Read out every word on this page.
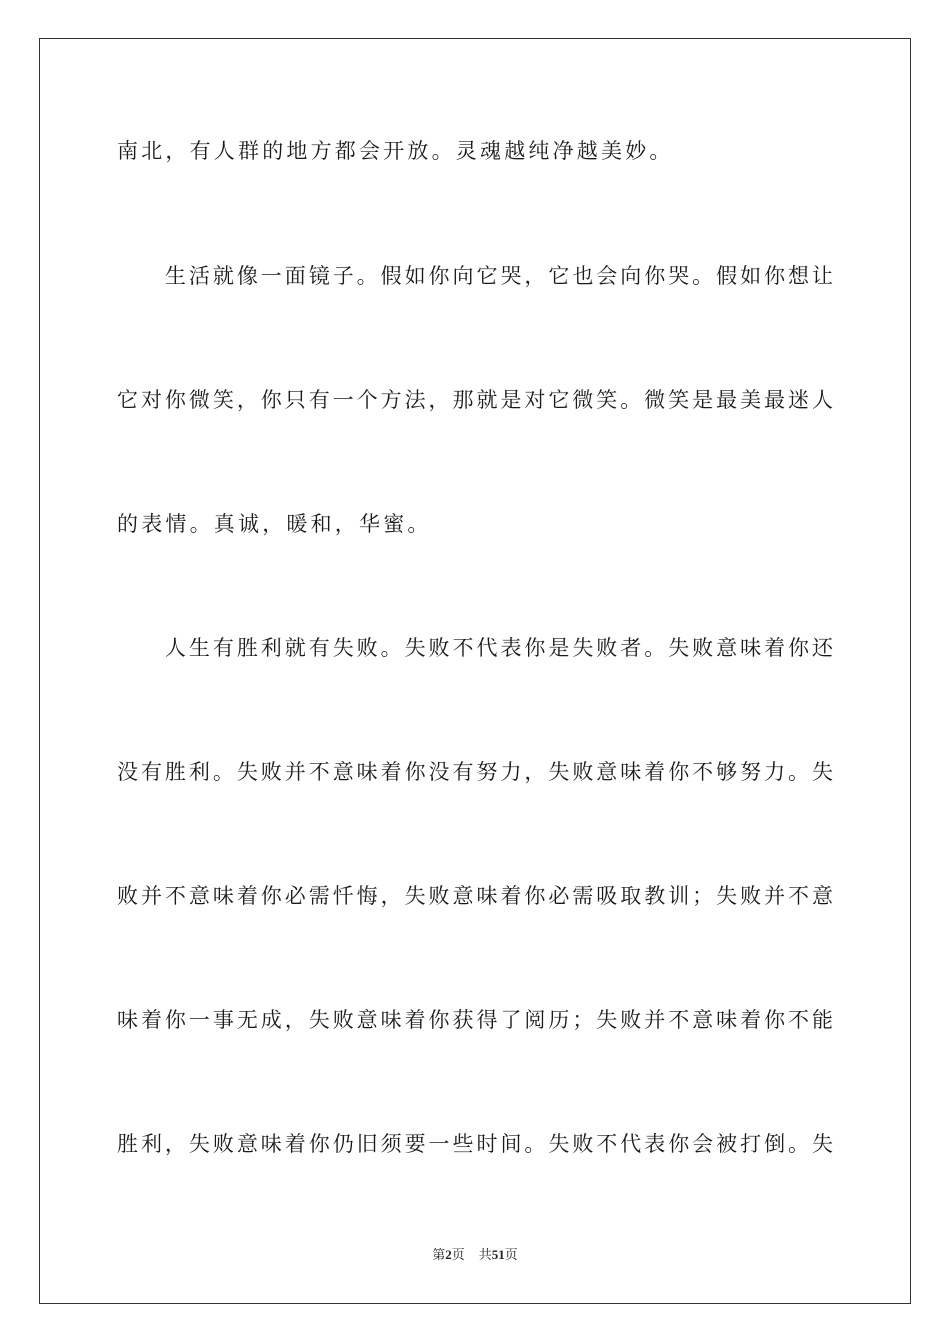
南北，有人群的地方都会开放。灵魂越纯净越美妙。
　　生活就像一面镜子。假如你向它哭，它也会向你哭。假如你想让
它对你微笑，你只有一个方法，那就是对它微笑。微笑是最美最迷人
的表情。真诚，暖和，华蜜。
　　人生有胜利就有失败。失败不代表你是失败者。失败意味着你还
没有胜利。失败并不意味着你没有努力，失败意味着你不够努力。失
败并不意味着你必需忏悔，失败意味着你必需吸取教训；失败并不意
味着你一事无成，失败意味着你获得了阅历；失败并不意味着你不能
胜利，失败意味着你仍旧须要一些时间。失败不代表你会被打倒。失
第2页 共51页
